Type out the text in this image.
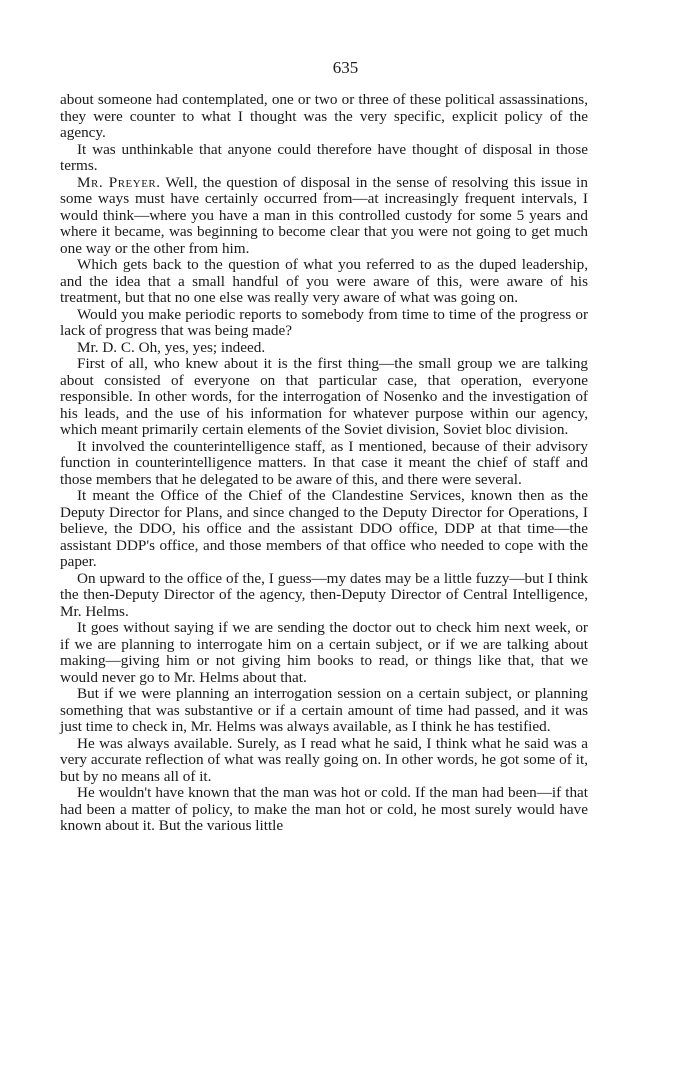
635

about someone had contemplated, one or two or three of these political assassinations, they were counter to what I thought was the very specific, explicit policy of the agency.

It was unthinkable that anyone could therefore have thought of disposal in those terms.

Mr. Preyer. Well, the question of disposal in the sense of resolving this issue in some ways must have certainly occurred from—at increasingly frequent intervals, I would think—where you have a man in this controlled custody for some 5 years and where it became, was beginning to become clear that you were not going to get much one way or the other from him.

Which gets back to the question of what you referred to as the duped leadership, and the idea that a small handful of you were aware of this, were aware of his treatment, but that no one else was really very aware of what was going on.

Would you make periodic reports to somebody from time to time of the progress or lack of progress that was being made?

Mr. D. C. Oh, yes, yes; indeed.

First of all, who knew about it is the first thing—the small group we are talking about consisted of everyone on that particular case, that operation, everyone responsible. In other words, for the interrogation of Nosenko and the investigation of his leads, and the use of his information for whatever purpose within our agency, which meant primarily certain elements of the Soviet division, Soviet bloc division.

It involved the counterintelligence staff, as I mentioned, because of their advisory function in counterintelligence matters. In that case it meant the chief of staff and those members that he delegated to be aware of this, and there were several.

It meant the Office of the Chief of the Clandestine Services, known then as the Deputy Director for Plans, and since changed to the Deputy Director for Operations, I believe, the DDO, his office and the assistant DDO office, DDP at that time—the assistant DDP's office, and those members of that office who needed to cope with the paper.

On upward to the office of the, I guess—my dates may be a little fuzzy—but I think the then-Deputy Director of the agency, then-Deputy Director of Central Intelligence, Mr. Helms.

It goes without saying if we are sending the doctor out to check him next week, or if we are planning to interrogate him on a certain subject, or if we are talking about making—giving him or not giving him books to read, or things like that, that we would never go to Mr. Helms about that.

But if we were planning an interrogation session on a certain subject, or planning something that was substantive or if a certain amount of time had passed, and it was just time to check in, Mr. Helms was always available, as I think he has testified.

He was always available. Surely, as I read what he said, I think what he said was a very accurate reflection of what was really going on. In other words, he got some of it, but by no means all of it.

He wouldn't have known that the man was hot or cold. If the man had been—if that had been a matter of policy, to make the man hot or cold, he most surely would have known about it. But the various little
